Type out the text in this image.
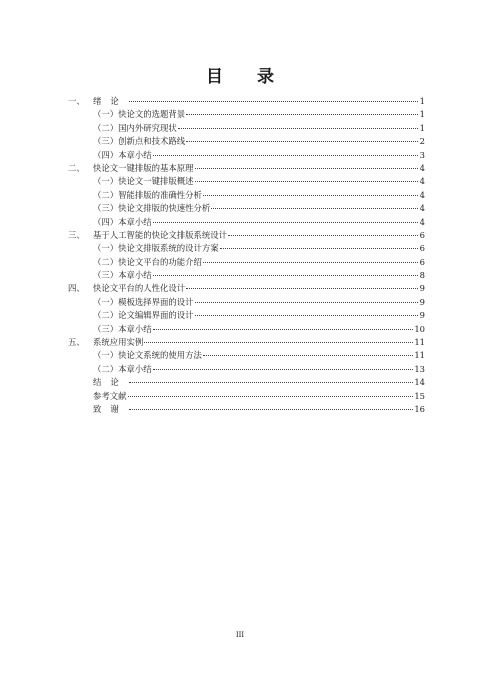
目 录
一、 绪论	1
（一）快论文的选题背景	1
（二）国内外研究现状	1
（三）创新点和技术路线	2
（四）本章小结	3
二、 快论文一键排版的基本原理	4
（一）快论文一键排版概述	4
（二）智能排版的准确性分析	4
（三）快论文排版的快速性分析	4
（四）本章小结	4
三、 基于人工智能的快论文排版系统设计	6
（一）快论文排版系统的设计方案	6
（二）快论文平台的功能介绍	6
（三）本章小结	8
四、 快论文平台的人性化设计	9
（一）模板选择界面的设计	9
（二）论文编辑界面的设计	9
（三）本章小结	10
五、 系统应用实例	11
（一）快论文系统的使用方法	11
（二）本章小结	13
结论	14
参考文献	15
致谢	16
III
